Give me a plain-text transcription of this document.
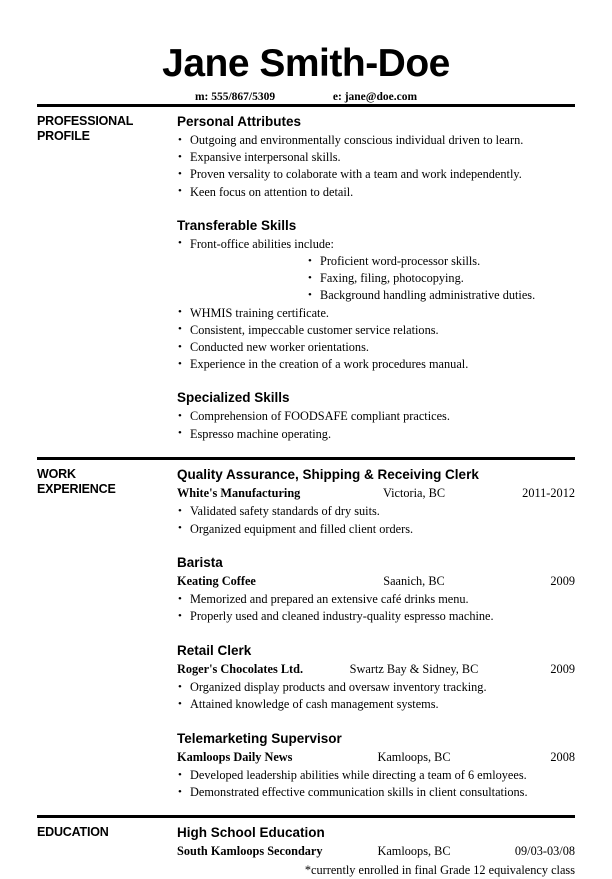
Jane Smith-Doe
m: 555/867/5309	e: jane@doe.com
PROFESSIONAL
PROFILE
Personal Attributes
• Outgoing and environmentally conscious individual driven to learn.
• Expansive interpersonal skills.
• Proven versality to colaborate with a team and work independently.
• Keen focus on attention to detail.
Transferable Skills
• Front-office abilities include:
• Proficient word-processor skills.
• Faxing, filing, photocopying.
• Background handling administrative duties.
• WHMIS training certificate.
• Consistent, impeccable customer service relations.
• Conducted new worker orientations.
• Experience in the creation of a work procedures manual.
Specialized Skills
• Comprehension of FOODSAFE compliant practices.
• Espresso machine operating.
WORK
EXPERIENCE
Quality Assurance, Shipping & Receiving Clerk
White's Manufacturing	Victoria, BC	2011-2012
• Validated safety standards of dry suits.
• Organized equipment and filled client orders.
Barista
Keating Coffee	Saanich, BC	2009
• Memorized and prepared an extensive café drinks menu.
• Properly used and cleaned industry-quality espresso machine.
Retail Clerk
Roger's Chocolates Ltd.	Swartz Bay & Sidney, BC	2009
• Organized display products and oversaw inventory tracking.
• Attained knowledge of cash management systems.
Telemarketing Supervisor
Kamloops Daily News	Kamloops, BC	2008
• Developed leadership abilities while directing a team of 6 emloyees.
• Demonstrated effective communication skills in client consultations.
EDUCATION	High School Education
South Kamloops Secondary	Kamloops, BC	09/03-03/08
*currently enrolled in final Grade 12 equivalency class
